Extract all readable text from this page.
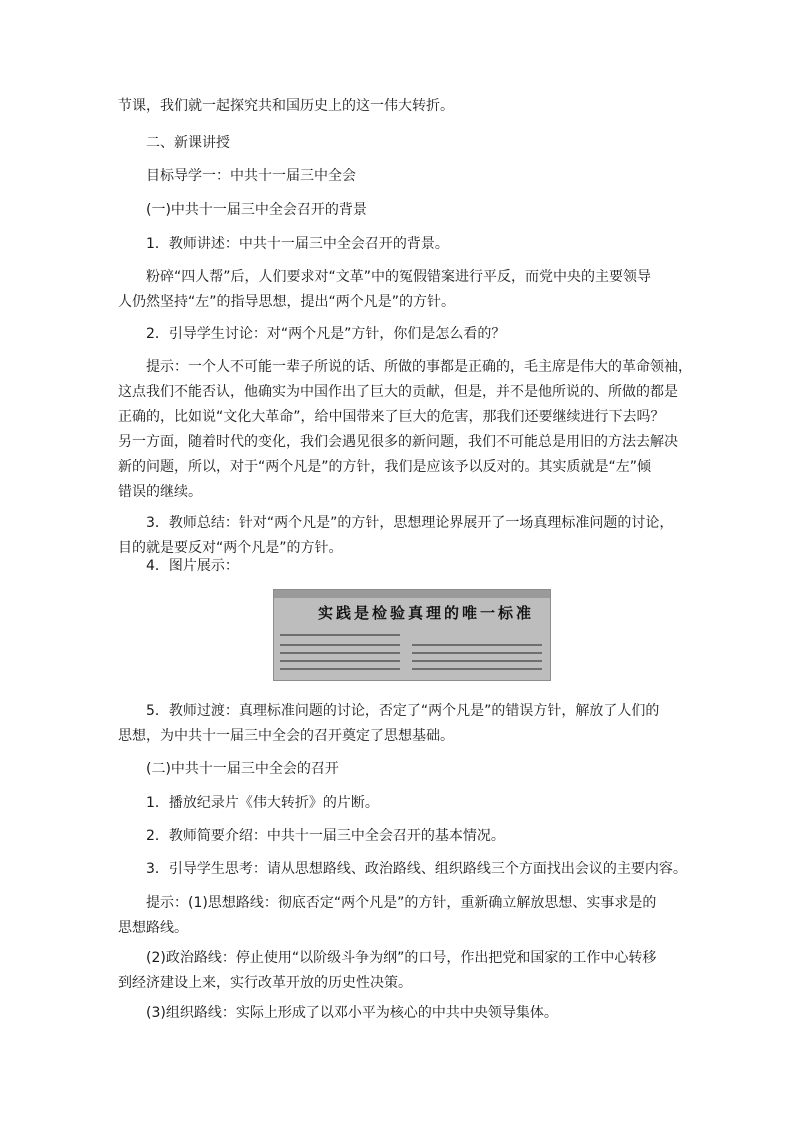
节课，我们就一起探究共和国历史上的这一伟大转折。
二、新课讲授
目标导学一：中共十一届三中全会
(一)中共十一届三中全会召开的背景
1．教师讲述：中共十一届三中全会召开的背景。
粉碎“四人帮”后，人们要求对“文革”中的冤假错案进行平反，而党中央的主要领导
人仍然坚持“左”的指导思想，提出“两个凡是”的方针。
2．引导学生讨论：对“两个凡是”方针，你们是怎么看的？
提示：一个人不可能一辈子所说的话、所做的事都是正确的，毛主席是伟大的革命领袖，
这点我们不能否认，他确实为中国作出了巨大的贡献，但是，并不是他所说的、所做的都是
正确的，比如说“文化大革命”，给中国带来了巨大的危害，那我们还要继续进行下去吗？
另一方面，随着时代的变化，我们会遇见很多的新问题，我们不可能总是用旧的方法去解决
新的问题，所以，对于“两个凡是”的方针，我们是应该予以反对的。其实质就是“左”倾
错误的继续。
3．教师总结：针对“两个凡是”的方针，思想理论界展开了一场真理标准问题的讨论，
目的就是要反对“两个凡是”的方针。
4．图片展示：
实践是检验真理的唯一标准
5．教师过渡：真理标准问题的讨论，否定了“两个凡是”的错误方针，解放了人们的
思想，为中共十一届三中全会的召开奠定了思想基础。
(二)中共十一届三中全会的召开
1．播放纪录片《伟大转折》的片断。
2．教师简要介绍：中共十一届三中全会召开的基本情况。
3．引导学生思考：请从思想路线、政治路线、组织路线三个方面找出会议的主要内容。
提示：(1)思想路线：彻底否定“两个凡是”的方针，重新确立解放思想、实事求是的
思想路线。
(2)政治路线：停止使用“以阶级斗争为纲”的口号，作出把党和国家的工作中心转移
到经济建设上来，实行改革开放的历史性决策。
(3)组织路线：实际上形成了以邓小平为核心的中共中央领导集体。
